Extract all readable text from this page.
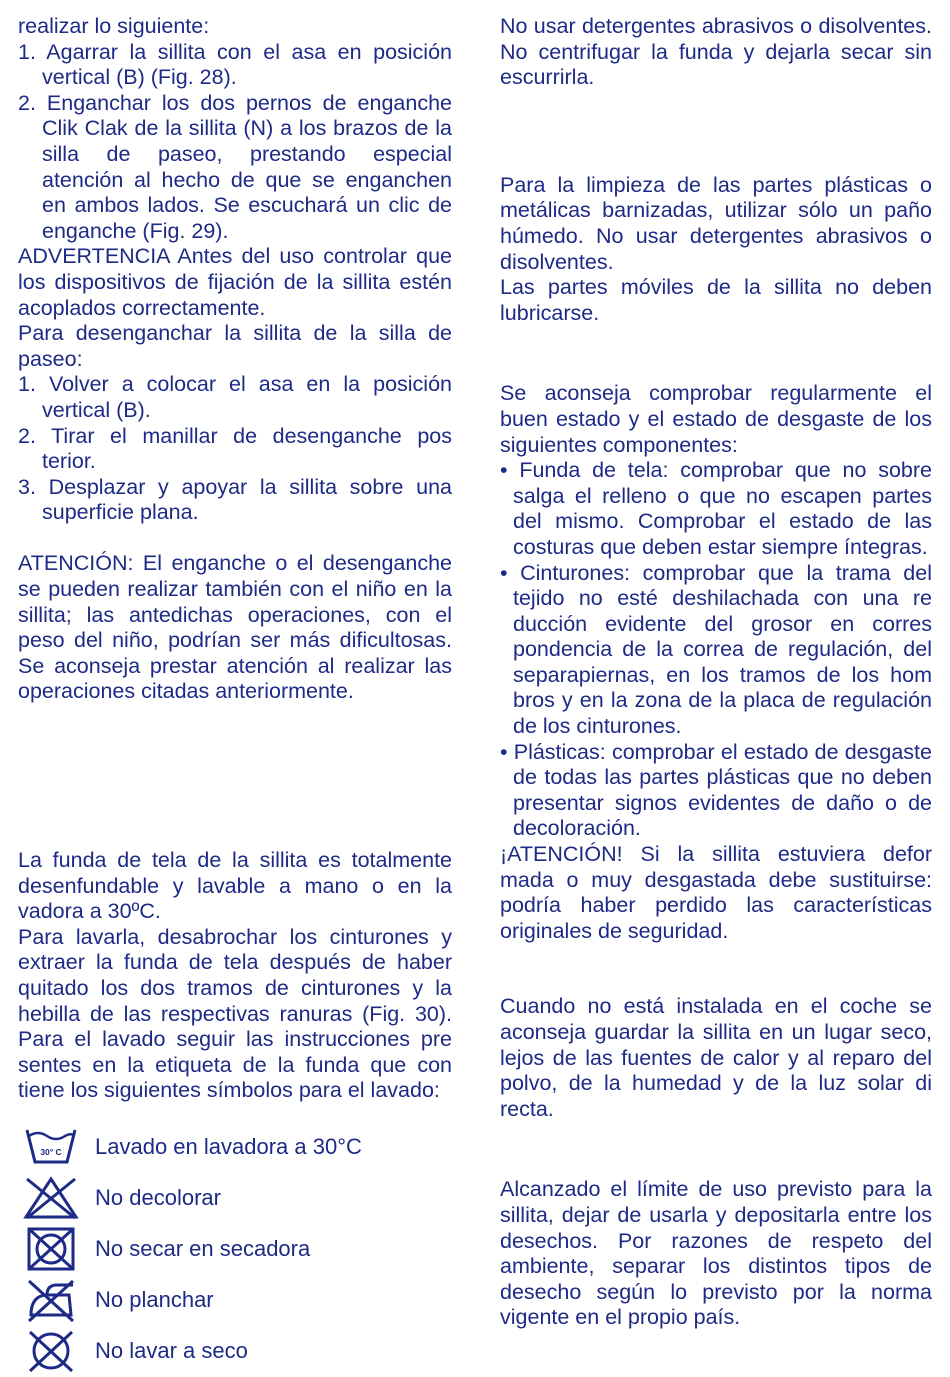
realizar lo siguiente:

1. Agarrar la sillita con el asa en posición vertical (B) (Fig. 28).

2. Enganchar los dos pernos de enganche Clik Clak de la sillita (N) a los brazos de la silla de paseo, prestando especial atención al hecho de que se enganchen en ambos lados. Se escuchará un clic de enganche (Fig. 29).

ADVERTENCIA Antes del uso controlar que los dispositivos de fijación de la sillita estén acoplados correctamente.

Para desenganchar la sillita de la silla de paseo:

1. Volver a colocar el asa en la posición vertical (B).

2. Tirar el manillar de desenganche pos terior.

3. Desplazar y apoyar la sillita sobre una superficie plana.

ATENCIÓN: El enganche o el desenganche se pueden realizar también con el niño en la sillita; las antedichas operaciones, con el peso del niño, podrían ser más dificultosas. Se aconseja prestar atención al realizar las operaciones citadas anteriormente.

La funda de tela de la sillita es totalmente desenfundable y lavable a mano o en la vadora a 30ºC.

Para lavarla, desabrochar los cinturones y extraer la funda de tela después de haber quitado los dos tramos de cinturones y la hebilla de las respectivas ranuras (Fig. 30). Para el lavado seguir las instrucciones pre sentes en la etiqueta de la funda que con tiene los siguientes símbolos para el lavado:

30° C Lavado en lavadora a 30°C
No decolorar
No secar en secadora
No planchar
No lavar a seco

No usar detergentes abrasivos o disolventes. No centrifugar la funda y dejarla secar sin escurrirla.

Para la limpieza de las partes plásticas o metálicas barnizadas, utilizar sólo un paño húmedo. No usar detergentes abrasivos o disolventes.

Las partes móviles de la sillita no deben lubricarse.

Se aconseja comprobar regularmente el buen estado y el estado de desgaste de los siguientes componentes:

• Funda de tela: comprobar que no sobre salga el relleno o que no escapen partes del mismo. Comprobar el estado de las costuras que deben estar siempre íntegras.

• Cinturones: comprobar que la trama del tejido no esté deshilachada con una re ducción evidente del grosor en corres pondencia de la correa de regulación, del separapiernas, en los tramos de los hom bros y en la zona de la placa de regulación de los cinturones.

• Plásticas: comprobar el estado de desgaste de todas las partes plásticas que no deben presentar signos evidentes de daño o de decoloración.

¡ATENCIÓN! Si la sillita estuviera defor mada o muy desgastada debe sustituirse: podría haber perdido las características originales de seguridad.

Cuando no está instalada en el coche se aconseja guardar la sillita en un lugar seco, lejos de las fuentes de calor y al reparo del polvo, de la humedad y de la luz solar di recta.

Alcanzado el límite de uso previsto para la sillita, dejar de usarla y depositarla entre los desechos. Por razones de respeto del ambiente, separar los distintos tipos de desecho según lo previsto por la norma vigente en el propio país.
